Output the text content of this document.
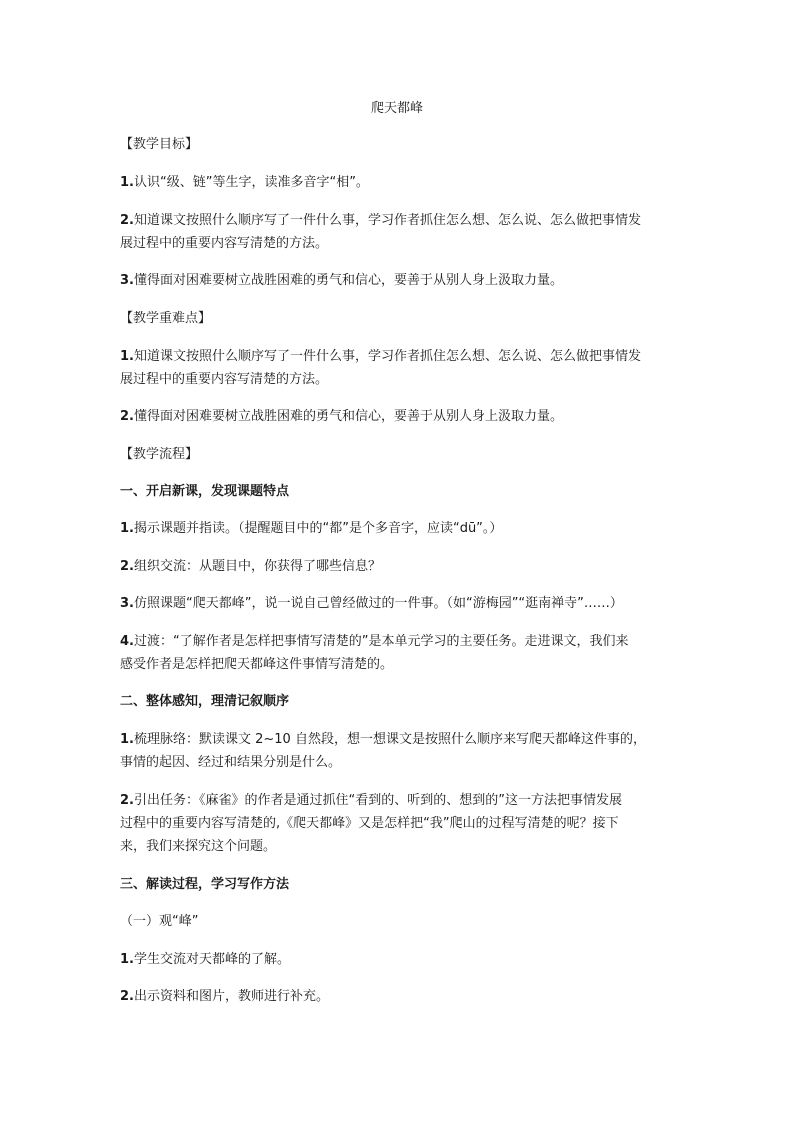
爬天都峰
【教学目标】
1.认识“级、链”等生字，读准多音字“相”。
2.知道课文按照什么顺序写了一件什么事，学习作者抓住怎么想、怎么说、怎么做把事情发
展过程中的重要内容写清楚的方法。
3.懂得面对困难要树立战胜困难的勇气和信心，要善于从别人身上汲取力量。
【教学重难点】
1.知道课文按照什么顺序写了一件什么事，学习作者抓住怎么想、怎么说、怎么做把事情发
展过程中的重要内容写清楚的方法。
2.懂得面对困难要树立战胜困难的勇气和信心，要善于从别人身上汲取力量。
【教学流程】
一、开启新课，发现课题特点
1.揭示课题并指读。（提醒题目中的“都”是个多音字，应读“dū”。）
2.组织交流：从题目中，你获得了哪些信息？
3.仿照课题“爬天都峰”，说一说自己曾经做过的一件事。（如“游梅园”“逛南禅寺”……）
4.过渡：“了解作者是怎样把事情写清楚的”是本单元学习的主要任务。走进课文，我们来
感受作者是怎样把爬天都峰这件事情写清楚的。
二、整体感知，理清记叙顺序
1.梳理脉络：默读课文 2~10 自然段，想一想课文是按照什么顺序来写爬天都峰这件事的，
事情的起因、经过和结果分别是什么。
2.引出任务：《麻雀》的作者是通过抓住“看到的、听到的、想到的”这一方法把事情发展
过程中的重要内容写清楚的,《爬天都峰》又是怎样把“我”爬山的过程写清楚的呢？接下
来，我们来探究这个问题。
三、解读过程，学习写作方法
（一）观“峰”
1.学生交流对天都峰的了解。
2.出示资料和图片，教师进行补充。
